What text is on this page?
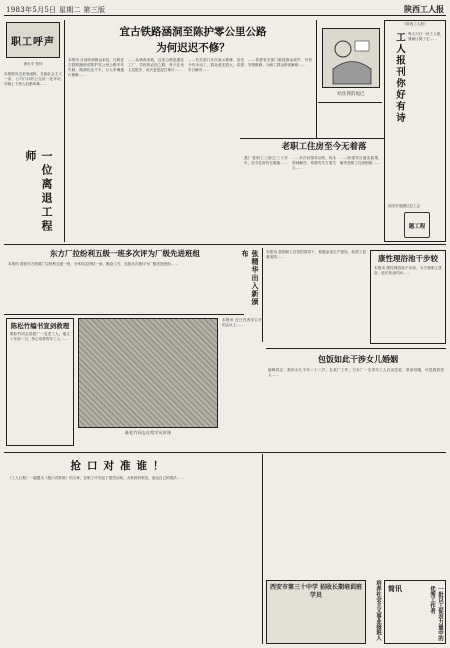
1983年5月5日 星期二 第三版	陕西工人报
职工呼声
徐永平 张仲
本报报讯近来来函称，在编社会主义一条，公司门口的公交站一处车站,早晚上下班人们都叫难……
一位离退工程师
宜古铁路涵洞至陈护零公里公路
为何迟迟不修？
本报讯 日前收到群众来信，反映宜古铁路涵洞至陈护零公里公路多年失修，路面坑洼不平，行人车辆通行困难……
……从调查来看，这条公路是通往工厂、学校的必经之路，每天往来人员很多，雨天更是泥泞难行……
……有关部门多次表示要修，但至今仍未动工，群众意见很大，希望早日解决……
……希望有关部门重视群众呼声，尽快安排维修，为职工群众排忧解难……
《陕西工人报》
工人报刊你好有诗 每人只订一份工人报，我就订阅了它……
西安市莲湖区总工会
题工程
哈住我的尾巴
老职工住房至今无着落
我厂老职工工龄已三十多年，至今住房仍无着落……
……多次向领导反映，均未得到解决，希望有关方面关心……
……盼望早日落实政策，解决老职工住房困难……
东方厂拉纷利五级一班多次评为厂级先进班组
本报讯 国营东方机械厂拉纷利五级一班，全体同志团结一致，勤奋工作，连续多次被评为厂级先进班组……	张精华出入新颁布	本报讯 我国职工在党的领导下，积极参加生产建设，取得了显著成绩……	康性理浴池干步较
本报讯 康性理浴池干步较，为方便职工洗浴，延长营业时间……
陈松竹编书宣剑救理
陈松竹同志是我厂一名老工人，他几十年如一日，热心培养青年工人……
陈松竹同志在给学员讲课
本报讯 近日在西安召开的会议上……
包饭如此干涉女儿婚姻
编辑同志：我的女儿今年二十二岁，在某厂工作，与本厂一名青年工人自由恋爱，准备结婚，可是我的爱人……
抢口对准谁！
《工人日报》一篇题为《枪口对准谁》的文章，在职工中引起了强烈反响，大家纷纷来信，表达自己的看法……
西安市第三十中学 招收长期培训班学员	培养社会主义事业接班人 简讯	一批以工促农力量中的优秀工作者
